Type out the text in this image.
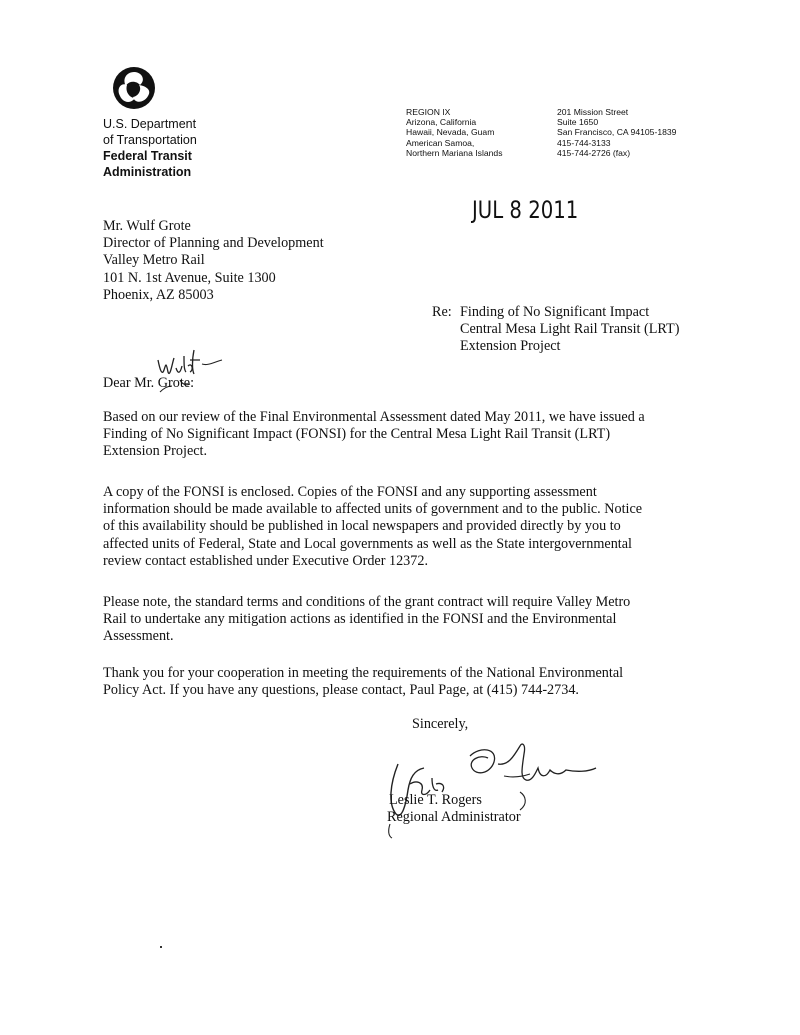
U.S. Department
of Transportation
Federal Transit
Administration
REGION IX
Arizona, California
Hawaii, Nevada, Guam
American Samoa,
Northern Mariana Islands
201 Mission Street
Suite 1650
San Francisco, CA 94105-1839
415-744-3133
415-744-2726 (fax)
JUL 8 2011
Mr. Wulf Grote
Director of Planning and Development
Valley Metro Rail
101 N. 1st Avenue, Suite 1300
Phoenix, AZ 85003
Re: Finding of No Significant Impact
Central Mesa Light Rail Transit (LRT)
Extension Project
Dear Mr. Grote:
Based on our review of the Final Environmental Assessment dated May 2011, we have issued a
Finding of No Significant Impact (FONSI) for the Central Mesa Light Rail Transit (LRT)
Extension Project.
A copy of the FONSI is enclosed. Copies of the FONSI and any supporting assessment
information should be made available to affected units of government and to the public. Notice
of this availability should be published in local newspapers and provided directly by you to
affected units of Federal, State and Local governments as well as the State intergovernmental
review contact established under Executive Order 12372.
Please note, the standard terms and conditions of the grant contract will require Valley Metro
Rail to undertake any mitigation actions as identified in the FONSI and the Environmental
Assessment.
Thank you for your cooperation in meeting the requirements of the National Environmental
Policy Act. If you have any questions, please contact, Paul Page, at (415) 744-2734.
Sincerely,
Leslie T. Rogers
Regional Administrator
